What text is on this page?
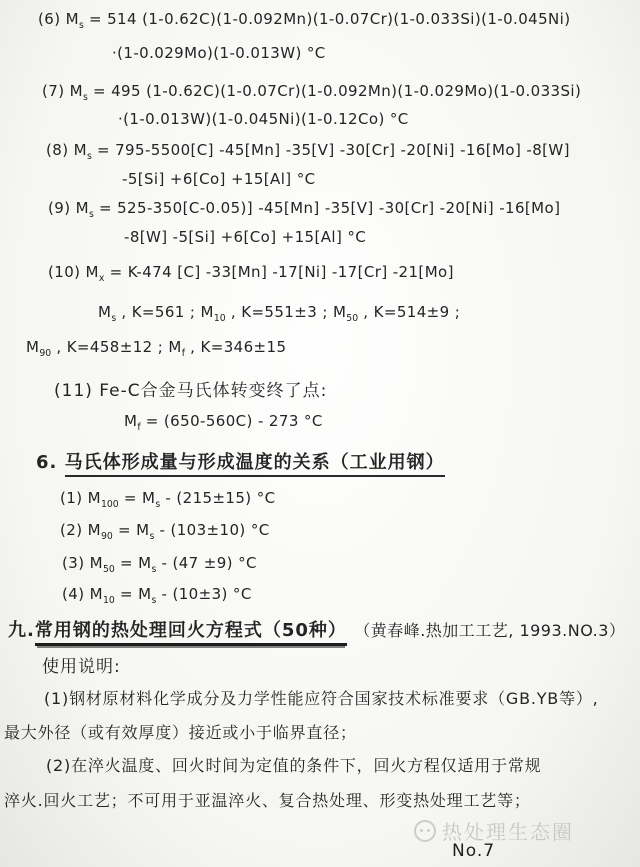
(6) $M_s = 514$ (1-0.62C)(1-0.092Mn)(1-0.07Cr)(1-0.033Si)(1-0.045Ni)
·(1-0.029Mo)(1-0.013W) °C
(7) $M_s = 495$ (1-0.62C)(1-0.07Cr)(1-0.092Mn)(1-0.029Mo)(1-0.033Si)
·(1-0.013W)(1-0.045Ni)(1-0.12Co) °C
(8) $M_s = 795-5500[C]$ -45[Mn] -35[V] -30[Cr] -20[Ni] -16[Mo] -8[W]
-5[Si] +6[Co] +15[Al] °C
(9) $M_s = 525-350[C-0.05)$] -45[Mn] -35[V] -30[Cr] -20[Ni] -16[Mo]
-8[W] -5[Si] +6[Co] +15[Al] °C
(10) $M_x = K-474$ [C] -33[Mn] -17[Ni] -17[Cr] -21[Mo]
$M_s$ , K=561 ; $M_{10}$ , K=551±3 ; $M_{50}$ , K=514±9 ;
$M_{90}$ , K=458±12 ; $M_f$ , K=346±15
(11) Fe-C合金马氏体转变终了点:
$M_f = (650-560C) - 273$ °C
6. 马氏体形成量与形成温度的关系（工业用钢）
(1) $M_{100} = M_s - (215\pm 15)$ °C
(2) $M_{90} = M_s - (103\pm 10)$ °C
(3) $M_{50} = M_s - (47 \pm 9)$ °C
(4) $M_{10} = M_s - (10\pm 3)$ °C
九.常用钢的热处理回火方程式（50种） （黄春峰.热加工工艺, 1993.NO.3）
使用说明:
(1)钢材原材料化学成分及力学性能应符合国家技术标准要求（GB.YB等）,
最大外径（或有效厚度）接近或小于临界直径；
(2)在淬火温度、回火时间为定值的条件下，回火方程仅适用于常规
淬火.回火工艺；不可用于亚温淬火、复合热处理、形变热处理工艺等；
热处理生态圈
No.7
